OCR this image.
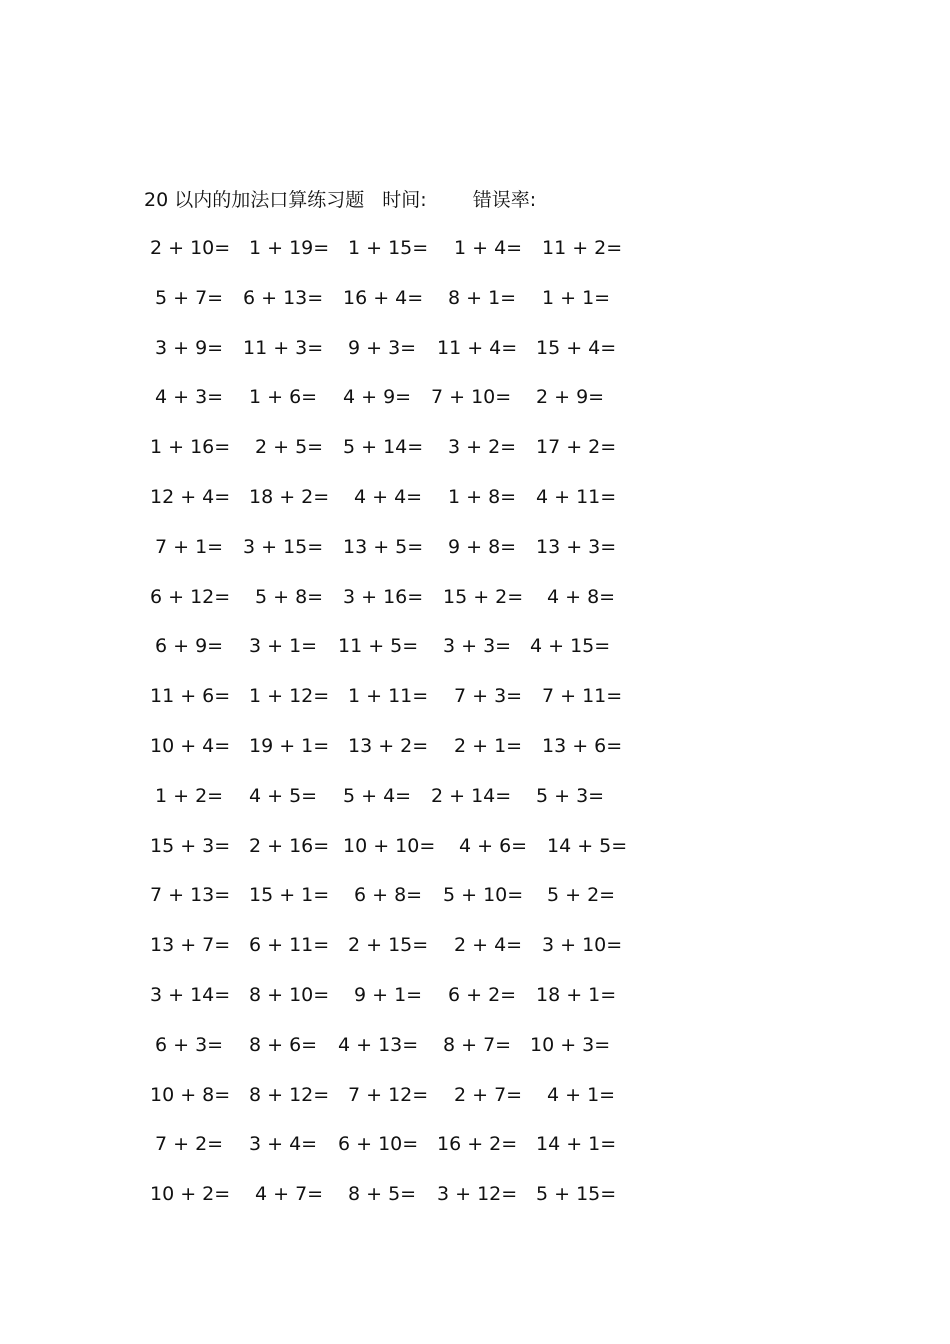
20 以内的加法口算练习题 时间: 错误率:
2 + 10= 1 + 19= 1 + 15= 1 + 4= 11 + 2=
5 + 7= 6 + 13= 16 + 4= 8 + 1= 1 + 1=
3 + 9= 11 + 3= 9 + 3= 11 + 4= 15 + 4=
4 + 3= 1 + 6= 4 + 9= 7 + 10= 2 + 9=
1 + 16= 2 + 5= 5 + 14= 3 + 2= 17 + 2=
12 + 4= 18 + 2= 4 + 4= 1 + 8= 4 + 11=
7 + 1= 3 + 15= 13 + 5= 9 + 8= 13 + 3=
6 + 12= 5 + 8= 3 + 16= 15 + 2= 4 + 8=
6 + 9= 3 + 1= 11 + 5= 3 + 3= 4 + 15=
11 + 6= 1 + 12= 1 + 11= 7 + 3= 7 + 11=
10 + 4= 19 + 1= 13 + 2= 2 + 1= 13 + 6=
1 + 2= 4 + 5= 5 + 4= 2 + 14= 5 + 3=
15 + 3= 2 + 16= 10 + 10= 4 + 6= 14 + 5=
7 + 13= 15 + 1= 6 + 8= 5 + 10= 5 + 2=
13 + 7= 6 + 11= 2 + 15= 2 + 4= 3 + 10=
3 + 14= 8 + 10= 9 + 1= 6 + 2= 18 + 1=
6 + 3= 8 + 6= 4 + 13= 8 + 7= 10 + 3=
10 + 8= 8 + 12= 7 + 12= 2 + 7= 4 + 1=
7 + 2= 3 + 4= 6 + 10= 16 + 2= 14 + 1=
10 + 2= 4 + 7= 8 + 5= 3 + 12= 5 + 15=
